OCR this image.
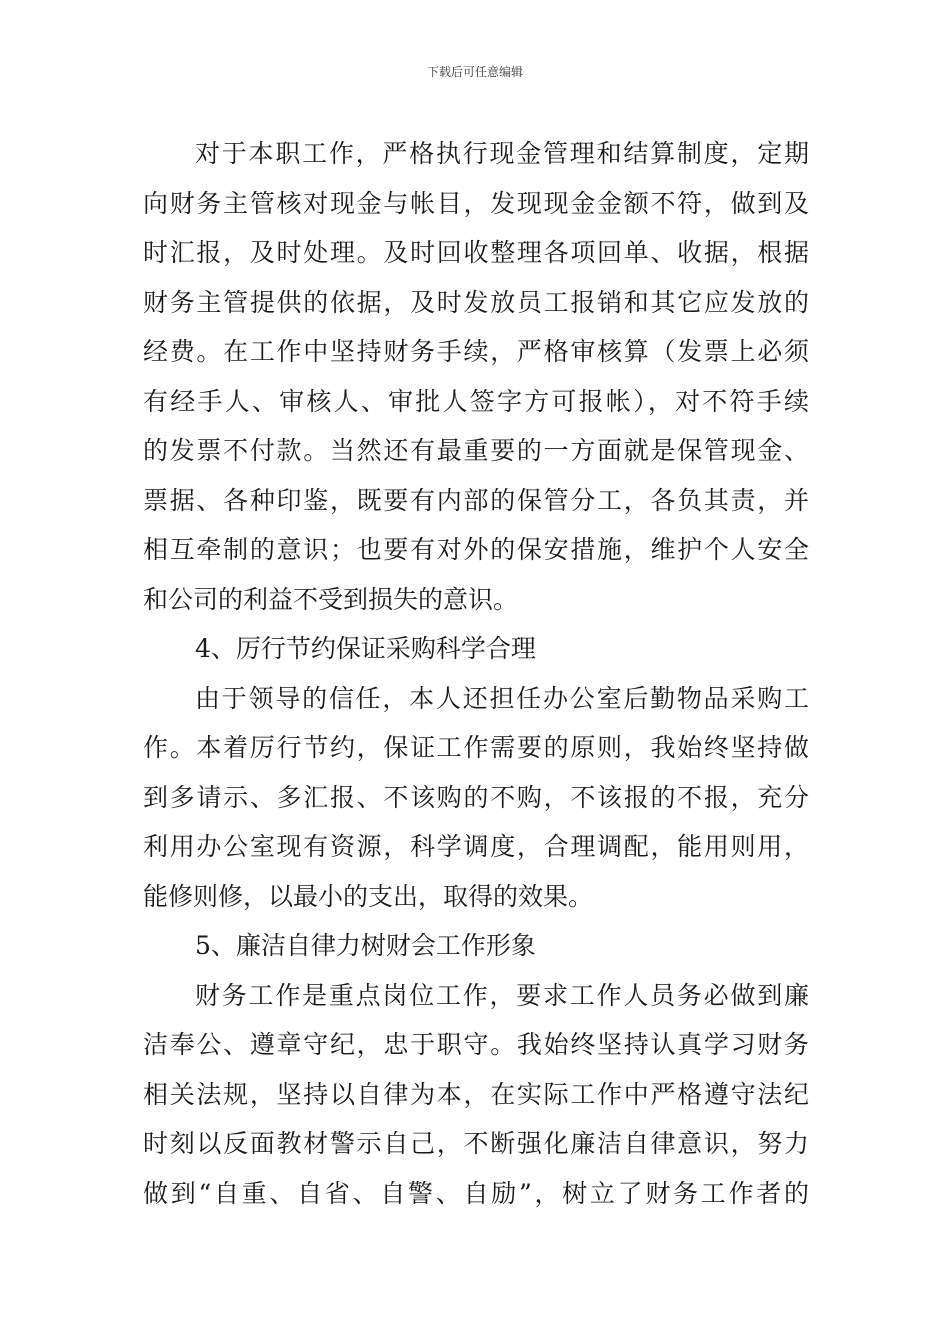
下载后可任意编辑
对于本职工作，严格执行现金管理和结算制度，定期
向财务主管核对现金与帐目，发现现金金额不符，做到及
时汇报，及时处理。及时回收整理各项回单、收据，根据
财务主管提供的依据，及时发放员工报销和其它应发放的
经费。在工作中坚持财务手续，严格审核算（发票上必须
有经手人、审核人、审批人签字方可报帐），对不符手续
的发票不付款。当然还有最重要的一方面就是保管现金、
票据、各种印鉴，既要有内部的保管分工，各负其责，并
相互牵制的意识；也要有对外的保安措施，维护个人安全
和公司的利益不受到损失的意识。
4、厉行节约保证采购科学合理
由于领导的信任，本人还担任办公室后勤物品采购工
作。本着厉行节约，保证工作需要的原则，我始终坚持做
到多请示、多汇报、不该购的不购，不该报的不报，充分
利用办公室现有资源，科学调度，合理调配，能用则用，
能修则修，以最小的支出，取得的效果。
5、廉洁自律力树财会工作形象
财务工作是重点岗位工作，要求工作人员务必做到廉
洁奉公、遵章守纪，忠于职守。我始终坚持认真学习财务
相关法规，坚持以自律为本，在实际工作中严格遵守法纪
时刻以反面教材警示自己，不断强化廉洁自律意识，努力
做到“自重、自省、自警、自励”，树立了财务工作者的
